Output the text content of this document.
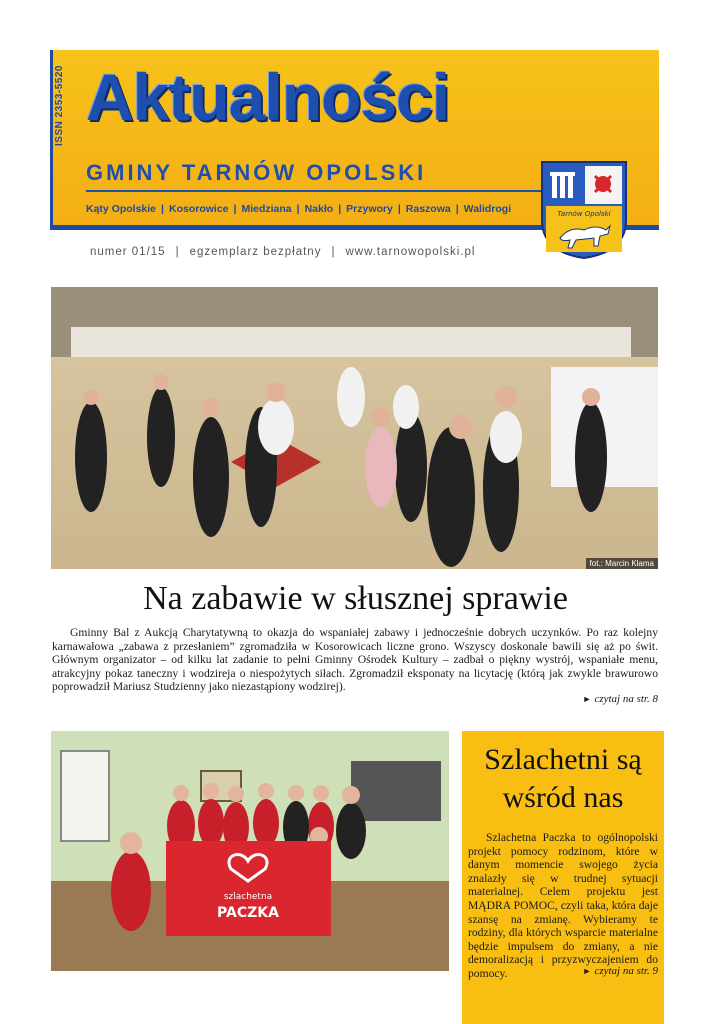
ISSN 2353-5520 Aktualności
GMINY TARNÓW OPOLSKI
Kąty Opolskie | Kosorowice | Miedziana | Nakło | Przywory | Raszowa | Walidrogi	Tarnów Opolski
numer 01/15 | egzemplarz bezpłatny | www.tarnowopolski.pl
fot.: Marcin Klama
Na zabawie w słusznej sprawie
Gminny Bal z Aukcją Charytatywną to okazja do wspaniałej zabawy i jednocześnie dobrych uczynków. Po raz kolejny karnawałowa „zabawa z przesłaniem” zgromadziła w Kosorowicach liczne grono. Wszyscy doskonale bawili się aż po świt. Głównym organizator – od kilku lat zadanie to pełni Gminny Ośrodek Kultury – zadbał o piękny wystrój, wspaniałe menu, atrakcyjny pokaz taneczny i wodzireja o niespożytych siłach. Zgromadził eksponaty na licytację (którą jak zwykle brawurowo poprowadził Mariusz Studzienny jako niezastąpiony wodzirej).
► czytaj na str. 8
szlachetna
PACZKA
Szlachetni są wśród nas
Szlachetna Paczka to ogólnopolski projekt pomocy rodzinom, które w danym momencie swojego życia znalazły się w trudnej sytuacji materialnej. Celem projektu jest MĄDRA POMOC, czyli taka, która daje szansę na zmianę. Wybieramy te rodziny, dla których wsparcie materialne będzie impulsem do zmiany, a nie demoralizacją i przyzwyczajeniem do pomocy.	► czytaj na str. 9
